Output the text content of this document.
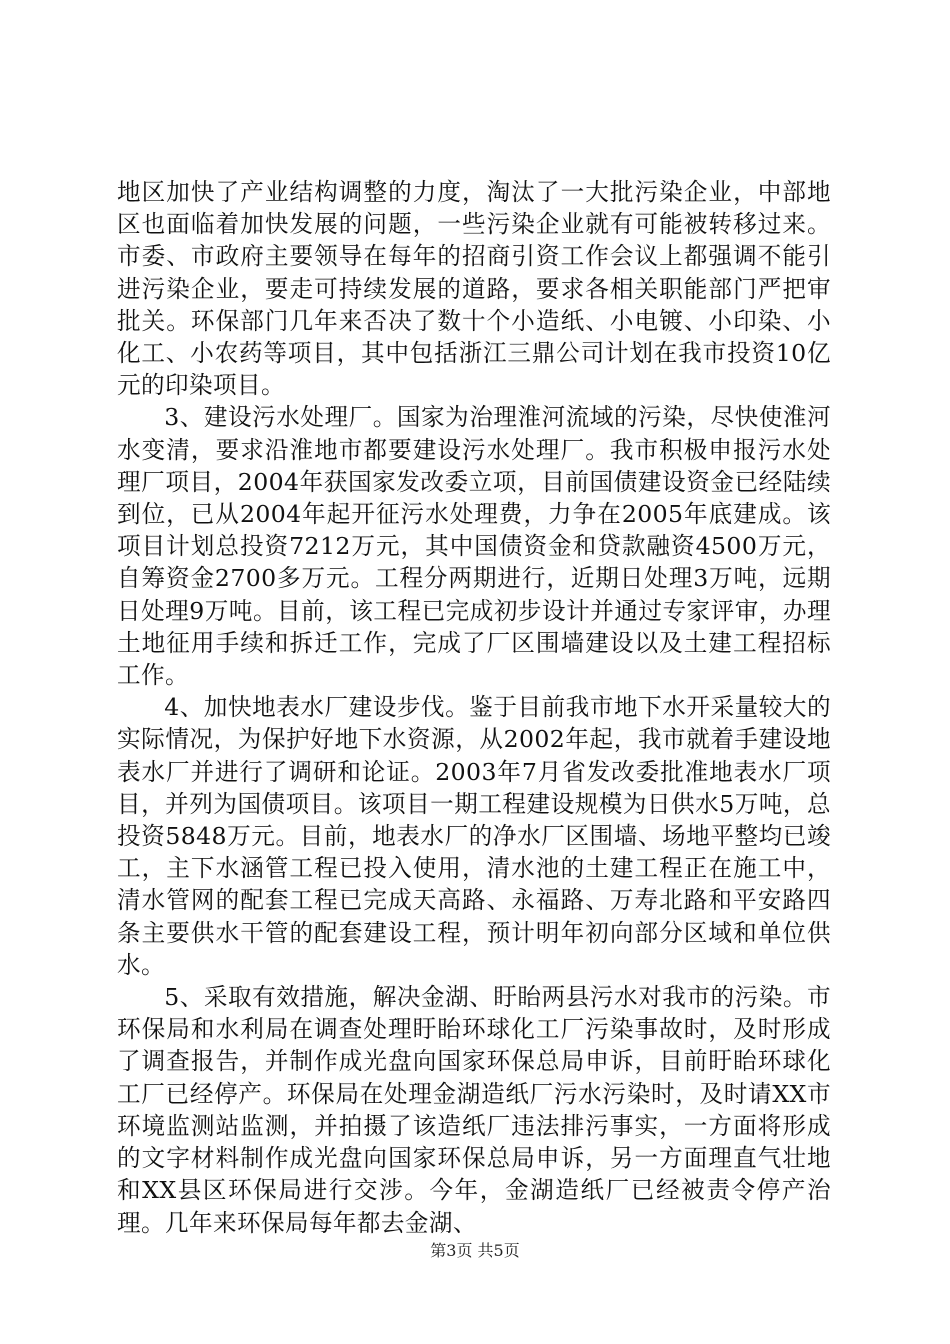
地区加快了产业结构调整的力度，淘汰了一大批污染企业，中部地区也面临着加快发展的问题，一些污染企业就有可能被转移过来。市委、市政府主要领导在每年的招商引资工作会议上都强调不能引进污染企业，要走可持续发展的道路，要求各相关职能部门严把审批关。环保部门几年来否决了数十个小造纸、小电镀、小印染、小化工、小农药等项目，其中包括浙江三鼎公司计划在我市投资10亿元的印染项目。

3、建设污水处理厂。国家为治理淮河流域的污染，尽快使淮河水变清，要求沿淮地市都要建设污水处理厂。我市积极申报污水处理厂项目，2004年获国家发改委立项，目前国债建设资金已经陆续到位，已从2004年起开征污水处理费，力争在2005年底建成。该项目计划总投资7212万元，其中国债资金和贷款融资4500万元，自筹资金2700多万元。工程分两期进行，近期日处理3万吨，远期日处理9万吨。目前，该工程已完成初步设计并通过专家评审，办理土地征用手续和拆迁工作，完成了厂区围墙建设以及土建工程招标工作。

4、加快地表水厂建设步伐。鉴于目前我市地下水开采量较大的实际情况，为保护好地下水资源，从2002年起，我市就着手建设地表水厂并进行了调研和论证。2003年7月省发改委批准地表水厂项目，并列为国债项目。该项目一期工程建设规模为日供水5万吨，总投资5848万元。目前，地表水厂的净水厂区围墙、场地平整均已竣工，主下水涵管工程已投入使用，清水池的土建工程正在施工中，清水管网的配套工程已完成天高路、永福路、万寿北路和平安路四条主要供水干管的配套建设工程，预计明年初向部分区域和单位供水。

5、采取有效措施，解决金湖、盱眙两县污水对我市的污染。市环保局和水利局在调查处理盱眙环球化工厂污染事故时，及时形成了调查报告，并制作成光盘向国家环保总局申诉，目前盱眙环球化工厂已经停产。环保局在处理金湖造纸厂污水污染时，及时请XX市环境监测站监测，并拍摄了该造纸厂违法排污事实，一方面将形成的文字材料制作成光盘向国家环保总局申诉，另一方面理直气壮地和XX县区环保局进行交涉。今年，金湖造纸厂已经被责令停产治理。几年来环保局每年都去金湖、

第3页 共5页
